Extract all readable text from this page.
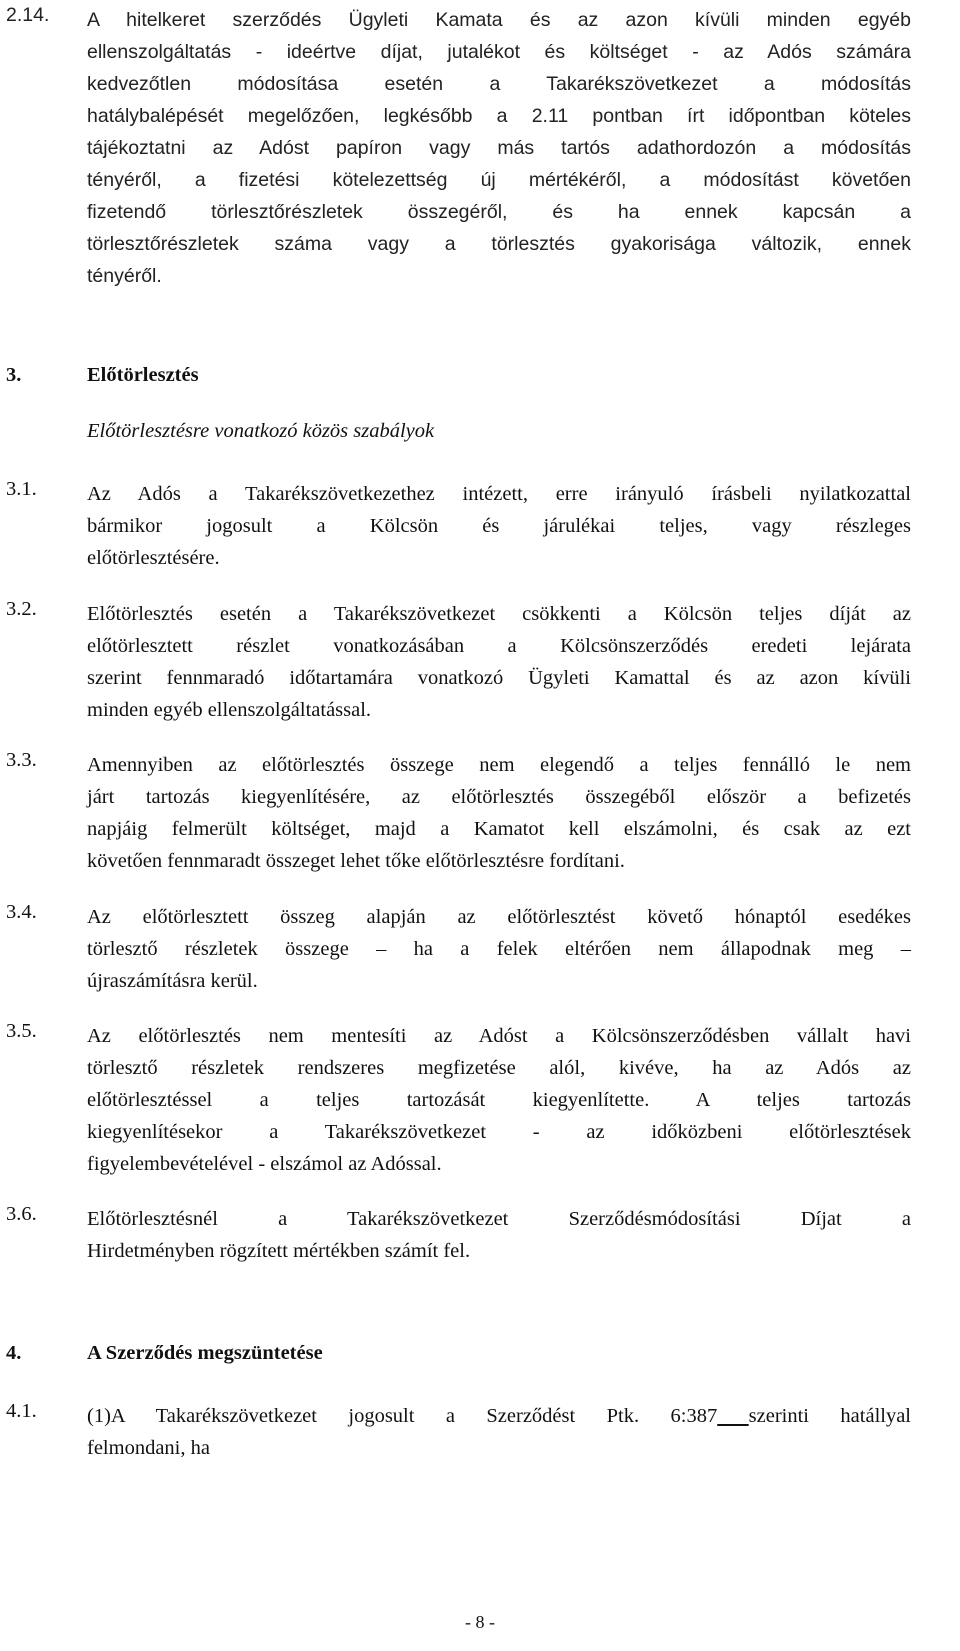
2.14. A hitelkeret szerződés Ügyleti Kamata és az azon kívüli minden egyéb
ellenszolgáltatás - ideértve díjat, jutalékot és költséget - az Adós számára
kedvezőtlen módosítása esetén a Takarékszövetkezet a módosítás
hatálybalépését megelőzően, legkésőbb a 2.11 pontban írt időpontban köteles
tájékoztatni az Adóst papíron vagy más tartós adathordozón a módosítás
tényéről, a fizetési kötelezettség új mértékéről, a módosítást követően
fizetendő törlesztőrészletek összegéről, és ha ennek kapcsán a
törlesztőrészletek száma vagy a törlesztés gyakorisága változik, ennek
tényéről.
3.	Előtörlesztés
Előtörlesztésre vonatkozó közös szabályok
3.1. Az Adós a Takarékszövetkezethez intézett, erre irányuló írásbeli nyilatkozattal
bármikor jogosult a Kölcsön és járulékai teljes, vagy részleges
előtörlesztésére.
3.2. Előtörlesztés esetén a Takarékszövetkezet csökkenti a Kölcsön teljes díját az
előtörlesztett részlet vonatkozásában a Kölcsönszerződés eredeti lejárata
szerint fennmaradó időtartamára vonatkozó Ügyleti Kamattal és az azon kívüli
minden egyéb ellenszolgáltatással.
3.3. Amennyiben az előtörlesztés összege nem elegendő a teljes fennálló le nem
járt tartozás kiegyenlítésére, az előtörlesztés összegéből először a befizetés
napjáig felmerült költséget, majd a Kamatot kell elszámolni, és csak az ezt
követően fennmaradt összeget lehet tőke előtörlesztésre fordítani.
3.4. Az előtörlesztett összeg alapján az előtörlesztést követő hónaptól esedékes
törlesztő részletek összege – ha a felek eltérően nem állapodnak meg –
újraszámításra kerül.
3.5. Az előtörlesztés nem mentesíti az Adóst a Kölcsönszerződésben vállalt havi
törlesztő részletek rendszeres megfizetése alól, kivéve, ha az Adós az
előtörlesztéssel a teljes tartozását kiegyenlítette. A teljes tartozás
kiegyenlítésekor a Takarékszövetkezet - az időközbeni előtörlesztések
figyelembevételével - elszámol az Adóssal.
3.6. Előtörlesztésnél a Takarékszövetkezet Szerződésmódosítási Díjat a
Hirdetményben rögzített mértékben számít fel.
4.	A Szerződés megszüntetése
4.1. (1)A Takarékszövetkezet jogosult a Szerződést Ptk. 6:387 szerinti hatállyal
felmondani, ha
- 8 -
